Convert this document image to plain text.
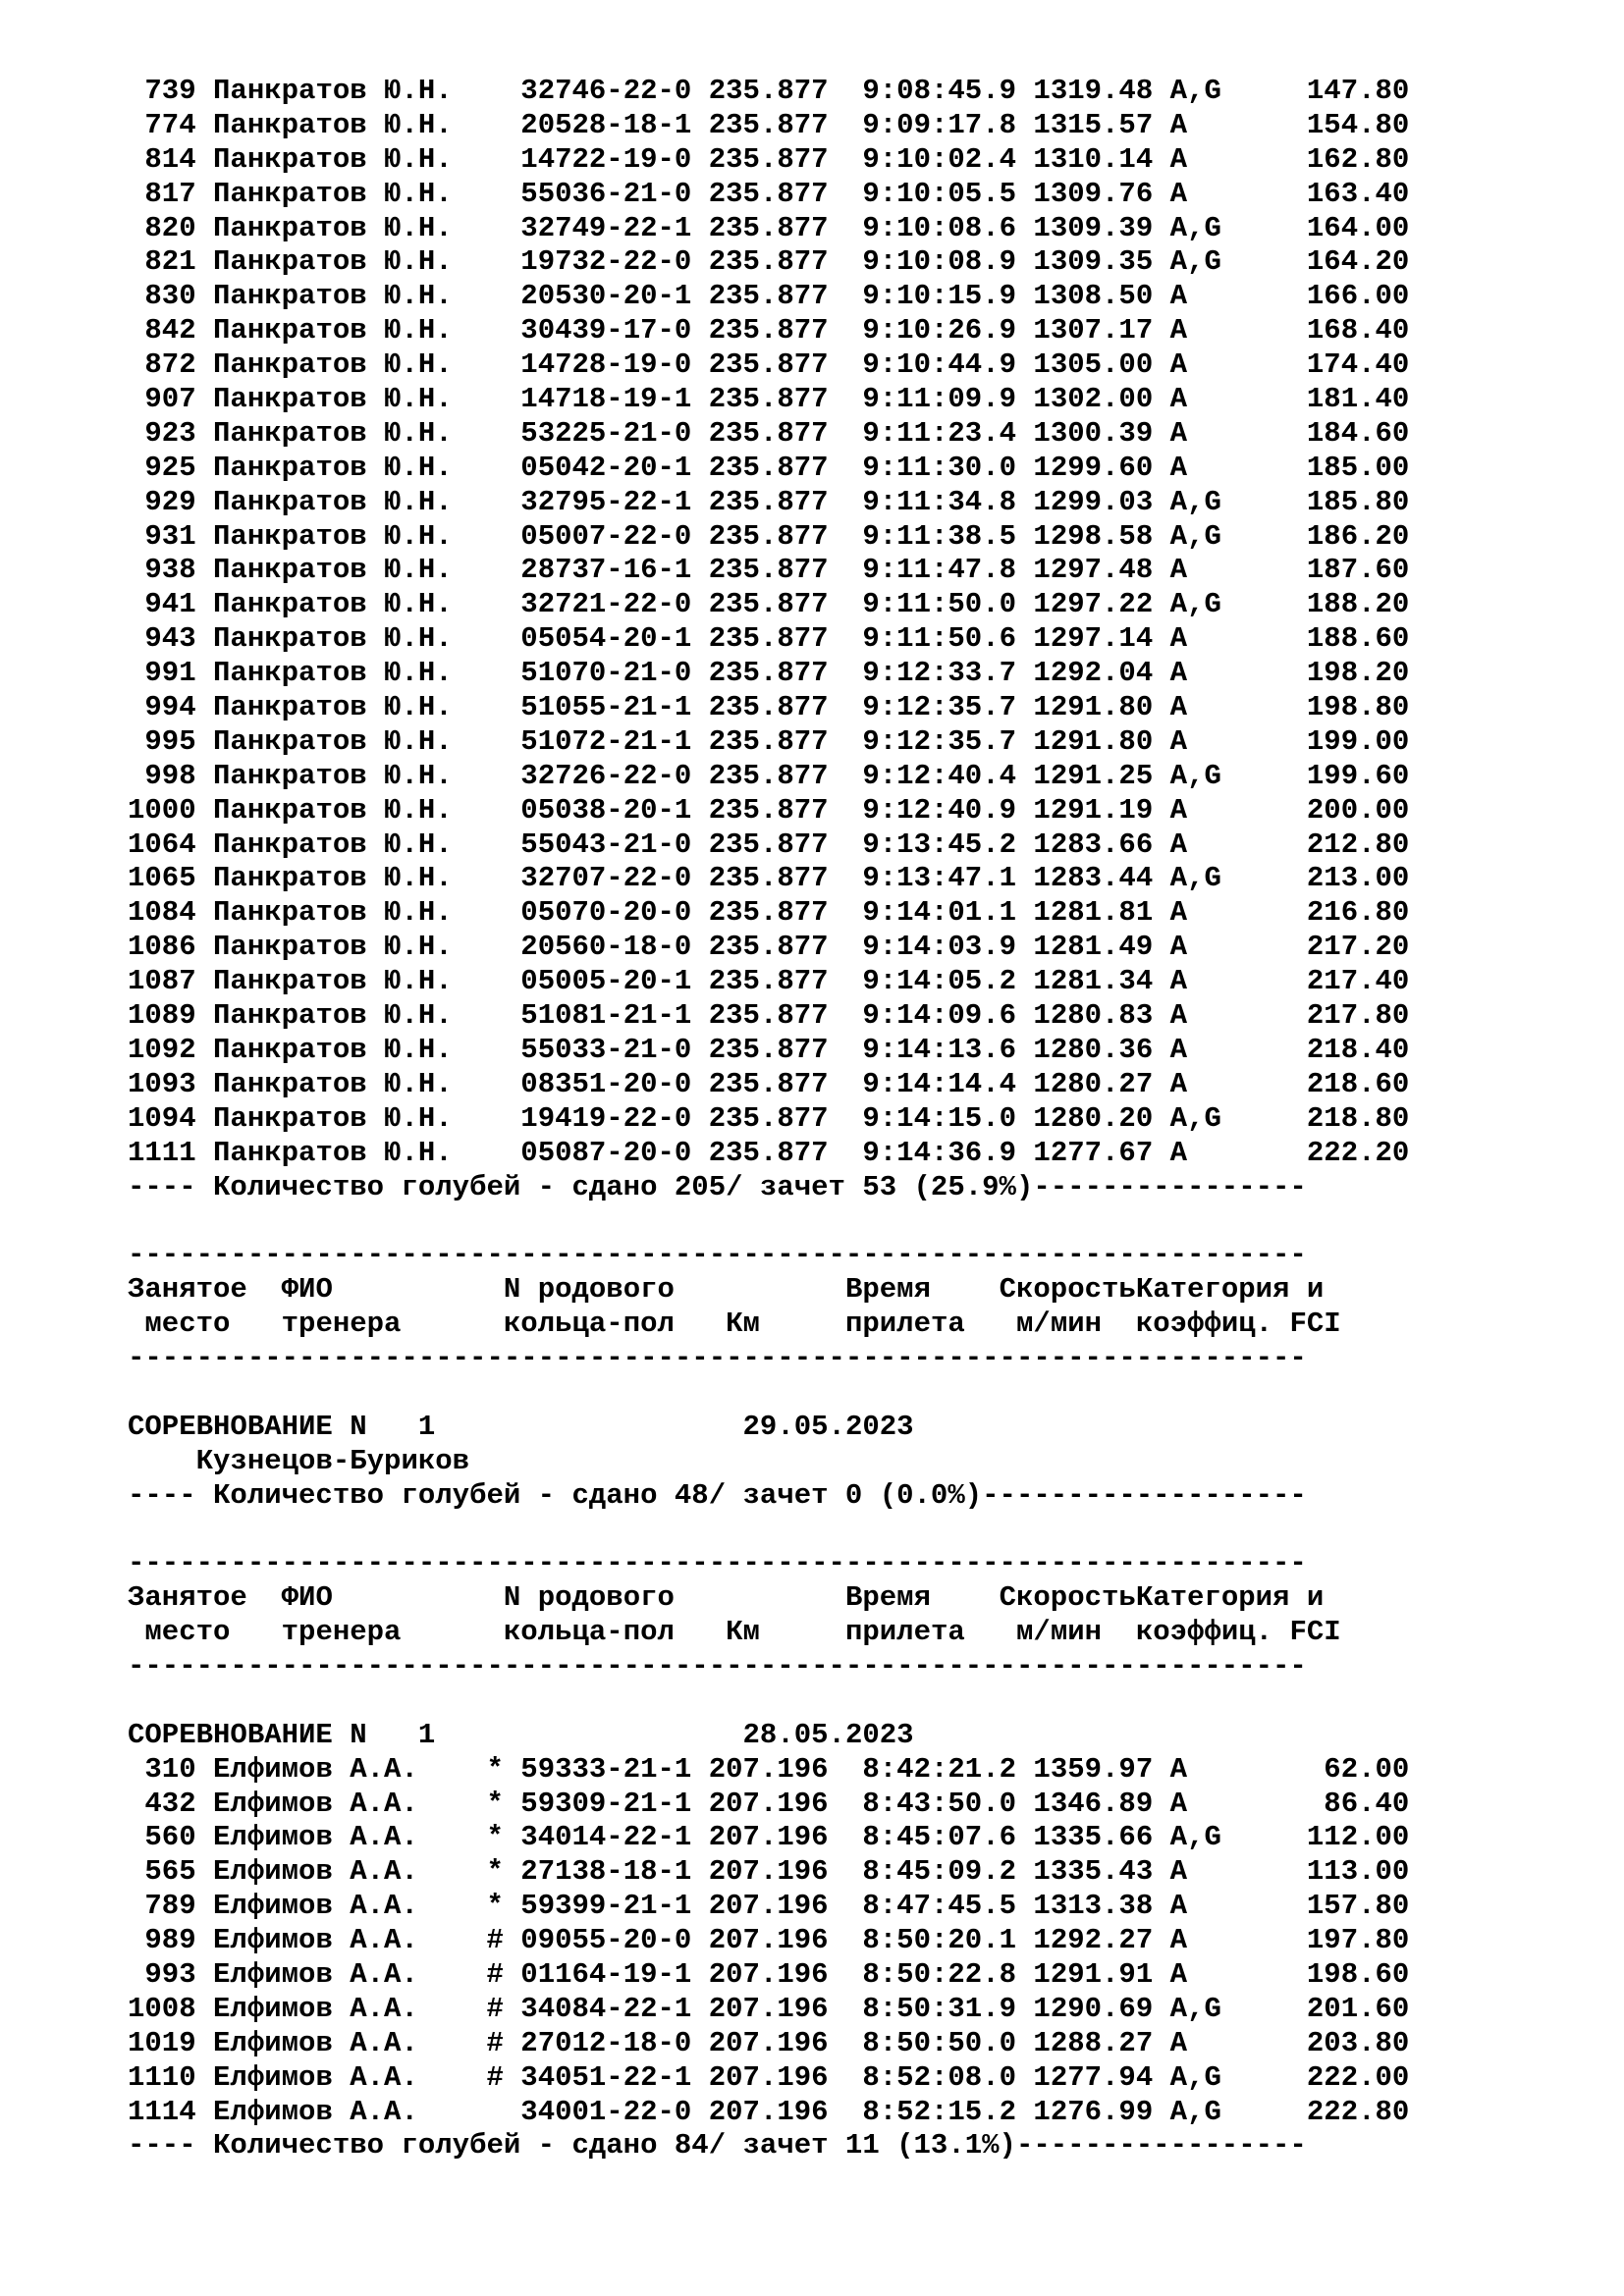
739 Панкратов Ю.Н.    32746-22-0 235.877  9:08:45.9 1319.48 A,G     147.80
774 Панкратов Ю.Н.    20528-18-1 235.877  9:09:17.8 1315.57 A       154.80
814 Панкратов Ю.Н.    14722-19-0 235.877  9:10:02.4 1310.14 A       162.80
817 Панкратов Ю.Н.    55036-21-0 235.877  9:10:05.5 1309.76 A       163.40
820 Панкратов Ю.Н.    32749-22-1 235.877  9:10:08.6 1309.39 A,G     164.00
821 Панкратов Ю.Н.    19732-22-0 235.877  9:10:08.9 1309.35 A,G     164.20
830 Панкратов Ю.Н.    20530-20-1 235.877  9:10:15.9 1308.50 A       166.00
842 Панкратов Ю.Н.    30439-17-0 235.877  9:10:26.9 1307.17 A       168.40
872 Панкратов Ю.Н.    14728-19-0 235.877  9:10:44.9 1305.00 A       174.40
907 Панкратов Ю.Н.    14718-19-1 235.877  9:11:09.9 1302.00 A       181.40
923 Панкратов Ю.Н.    53225-21-0 235.877  9:11:23.4 1300.39 A       184.60
925 Панкратов Ю.Н.    05042-20-1 235.877  9:11:30.0 1299.60 A       185.00
929 Панкратов Ю.Н.    32795-22-1 235.877  9:11:34.8 1299.03 A,G     185.80
931 Панкратов Ю.Н.    05007-22-0 235.877  9:11:38.5 1298.58 A,G     186.20
938 Панкратов Ю.Н.    28737-16-1 235.877  9:11:47.8 1297.48 A       187.60
941 Панкратов Ю.Н.    32721-22-0 235.877  9:11:50.0 1297.22 A,G     188.20
943 Панкратов Ю.Н.    05054-20-1 235.877  9:11:50.6 1297.14 A       188.60
991 Панкратов Ю.Н.    51070-21-0 235.877  9:12:33.7 1292.04 A       198.20
994 Панкратов Ю.Н.    51055-21-1 235.877  9:12:35.7 1291.80 A       198.80
995 Панкратов Ю.Н.    51072-21-1 235.877  9:12:35.7 1291.80 A       199.00
998 Панкратов Ю.Н.    32726-22-0 235.877  9:12:40.4 1291.25 A,G     199.60
1000 Панкратов Ю.Н.    05038-20-1 235.877  9:12:40.9 1291.19 A       200.00
1064 Панкратов Ю.Н.    55043-21-0 235.877  9:13:45.2 1283.66 A       212.80
1065 Панкратов Ю.Н.    32707-22-0 235.877  9:13:47.1 1283.44 A,G     213.00
1084 Панкратов Ю.Н.    05070-20-0 235.877  9:14:01.1 1281.81 A       216.80
1086 Панкратов Ю.Н.    20560-18-0 235.877  9:14:03.9 1281.49 A       217.20
1087 Панкратов Ю.Н.    05005-20-1 235.877  9:14:05.2 1281.34 A       217.40
1089 Панкратов Ю.Н.    51081-21-1 235.877  9:14:09.6 1280.83 A       217.80
1092 Панкратов Ю.Н.    55033-21-0 235.877  9:14:13.6 1280.36 A       218.40
1093 Панкратов Ю.Н.    08351-20-0 235.877  9:14:14.4 1280.27 A       218.60
1094 Панкратов Ю.Н.    19419-22-0 235.877  9:14:15.0 1280.20 A,G     218.80
1111 Панкратов Ю.Н.    05087-20-0 235.877  9:14:36.9 1277.67 A       222.20
---- Количество голубей - сдано 205/ зачет 53 (25.9%)----------------

---------------------------------------------------------------------
Занятое ФИО	N родового	Время СкоростьКатегория и
место тренера	кольца-пол Км	прилета м/мин коэффиц. FCI
---------------------------------------------------------------------

СОРЕВНОВАНИЕ N   1	29.05.2023
Кузнецов-Буриков
---- Количество голубей - сдано 48/ зачет 0 (0.0%)-------------------

---------------------------------------------------------------------
Занятое ФИО	N родового	Время СкоростьКатегория и
место тренера	кольца-пол Км	прилета м/мин коэффиц. FCI
---------------------------------------------------------------------

СОРЕВНОВАНИЕ N   1	28.05.2023
310 Елфимов А.А.    * 59333-21-1 207.196  8:42:21.2 1359.97 A        62.00
432 Елфимов А.А.    * 59309-21-1 207.196  8:43:50.0 1346.89 A        86.40
560 Елфимов А.А.    * 34014-22-1 207.196  8:45:07.6 1335.66 A,G     112.00
565 Елфимов А.А.    * 27138-18-1 207.196  8:45:09.2 1335.43 A       113.00
789 Елфимов А.А.    * 59399-21-1 207.196  8:47:45.5 1313.38 A       157.80
989 Елфимов А.А.    # 09055-20-0 207.196  8:50:20.1 1292.27 A       197.80
993 Елфимов А.А.    # 01164-19-1 207.196  8:50:22.8 1291.91 A       198.60
1008 Елфимов А.А.    # 34084-22-1 207.196  8:50:31.9 1290.69 A,G     201.60
1019 Елфимов А.А.    # 27012-18-0 207.196  8:50:50.0 1288.27 A       203.80
1110 Елфимов А.А.    # 34051-22-1 207.196  8:52:08.0 1277.94 A,G     222.00
1114 Елфимов А.А.      34001-22-0 207.196  8:52:15.2 1276.99 A,G     222.80
---- Количество голубей - сдано 84/ зачет 11 (13.1%)-----------------
